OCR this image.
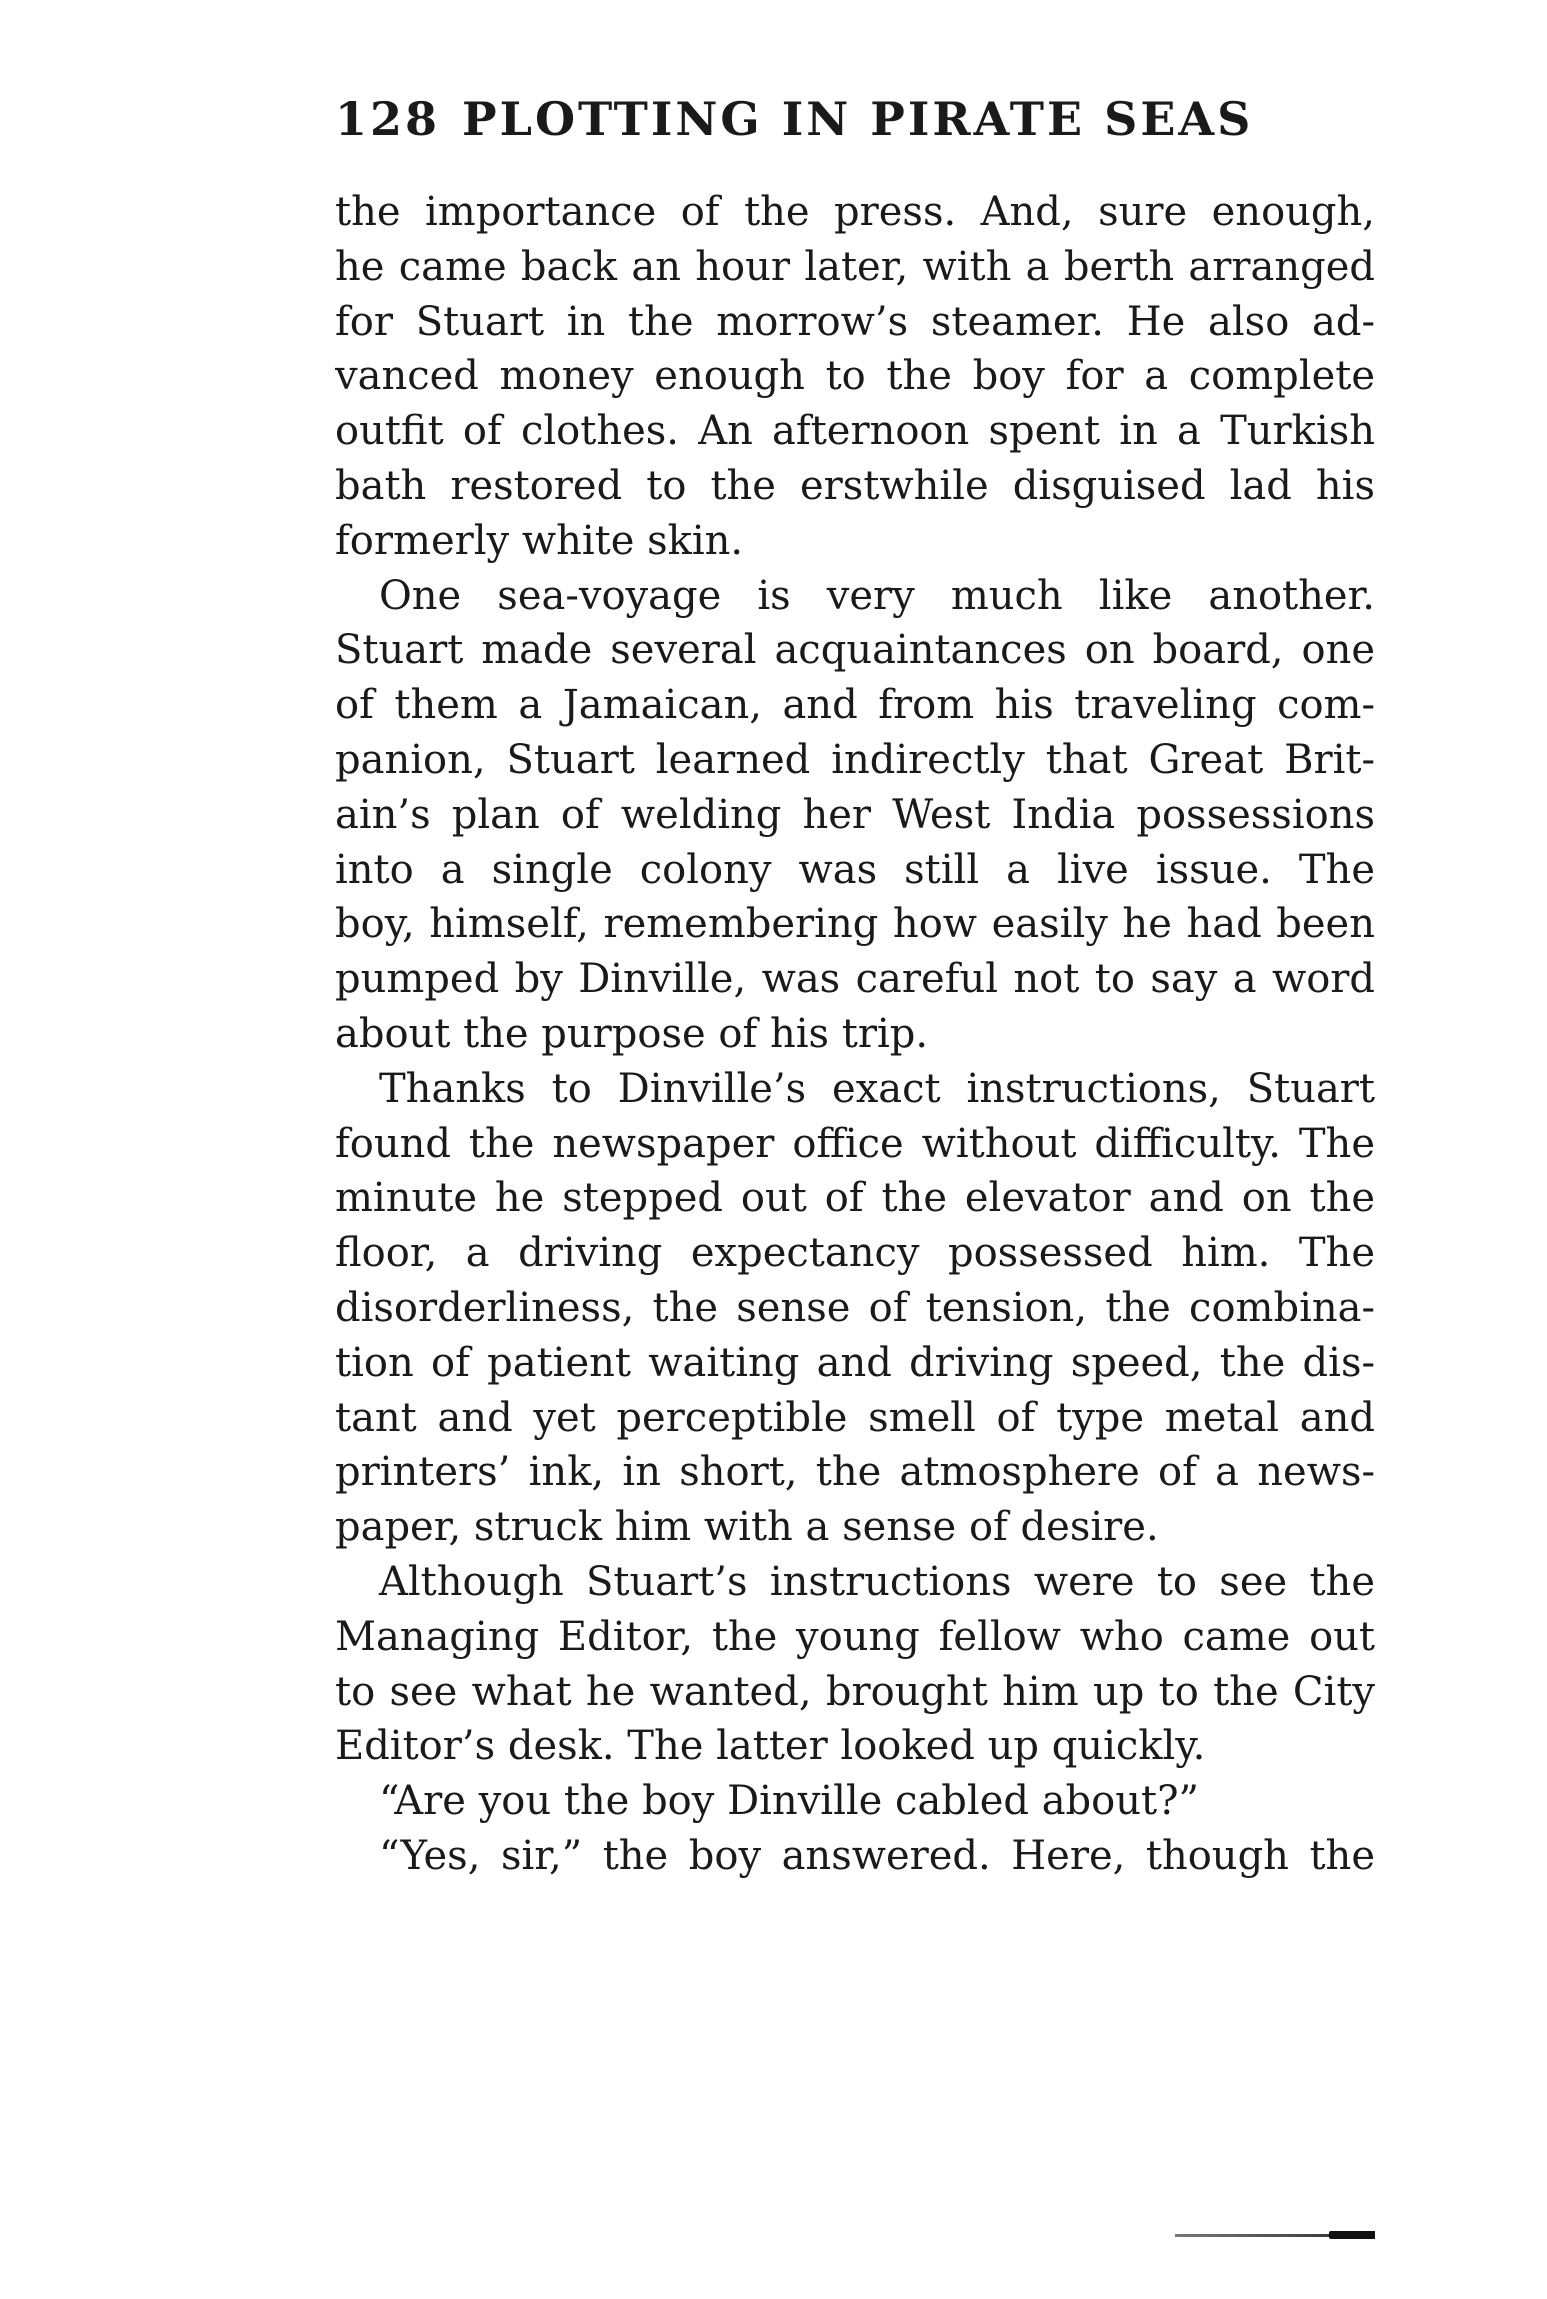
128 PLOTTING IN PIRATE SEAS
the importance of the press. And, sure enough,
he came back an hour later, with a berth arranged
for Stuart in the morrow’s steamer. He also ad-
vanced money enough to the boy for a complete
outfit of clothes. An afternoon spent in a Turkish
bath restored to the erstwhile disguised lad his
formerly white skin.
One sea-voyage is very much like another.
Stuart made several acquaintances on board, one
of them a Jamaican, and from his traveling com-
panion, Stuart learned indirectly that Great Brit-
ain’s plan of welding her West India possessions
into a single colony was still a live issue. The
boy, himself, remembering how easily he had been
pumped by Dinville, was careful not to say a word
about the purpose of his trip.
Thanks to Dinville’s exact instructions, Stuart
found the newspaper office without difficulty. The
minute he stepped out of the elevator and on the
floor, a driving expectancy possessed him. The
disorderliness, the sense of tension, the combina-
tion of patient waiting and driving speed, the dis-
tant and yet perceptible smell of type metal and
printers’ ink, in short, the atmosphere of a news-
paper, struck him with a sense of desire.
Although Stuart’s instructions were to see the
Managing Editor, the young fellow who came out
to see what he wanted, brought him up to the City
Editor’s desk. The latter looked up quickly.
“Are you the boy Dinville cabled about?”
“Yes, sir,” the boy answered. Here, though the
